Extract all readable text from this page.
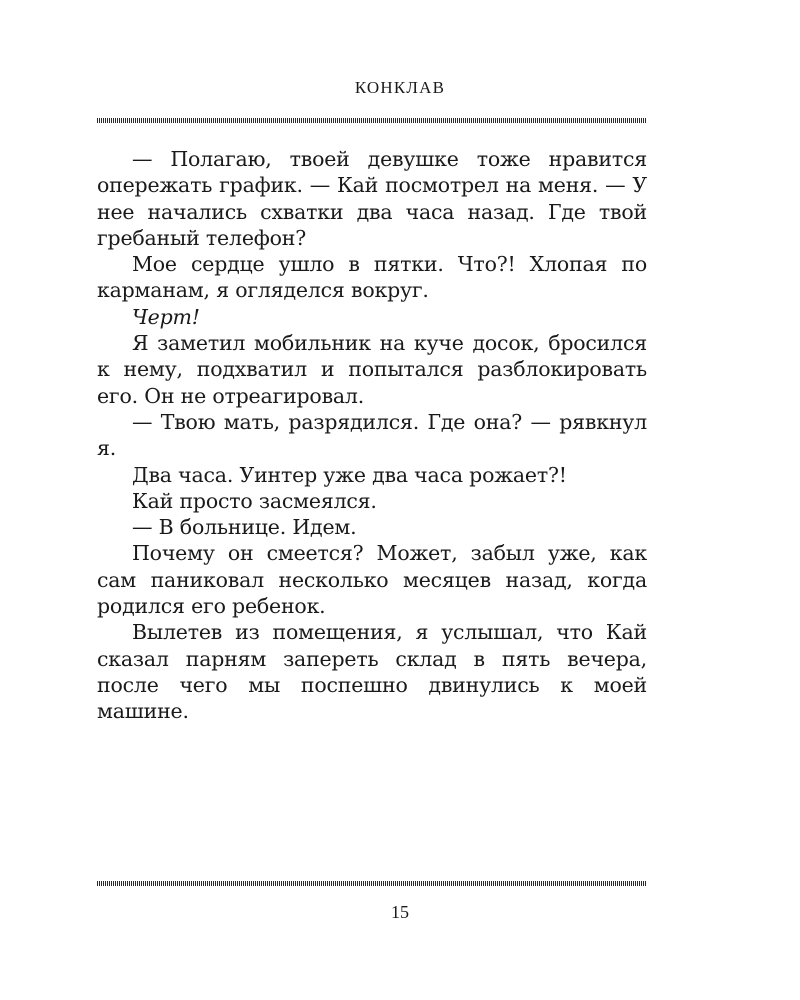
КОНКЛАВ

— Полагаю, твоей девушке тоже нравится опережать график. — Кай посмотрел на меня. — У нее начались схватки два часа назад. Где твой гребаный телефон?

Мое сердце ушло в пятки. Что?! Хлопая по карманам, я огляделся вокруг.

Черт!

Я заметил мобильник на куче досок, бросился к нему, подхватил и попытался разблокировать его. Он не отреагировал.

— Твою мать, разрядился. Где она? — рявкнул я.

Два часа. Уинтер уже два часа рожает?!

Кай просто засмеялся.

— В больнице. Идем.

Почему он смеется? Может, забыл уже, как сам паниковал несколько месяцев назад, когда родился его ребенок.

Вылетев из помещения, я услышал, что Кай сказал парням запереть склад в пять вечера, после чего мы поспешно двинулись к моей машине.

15
